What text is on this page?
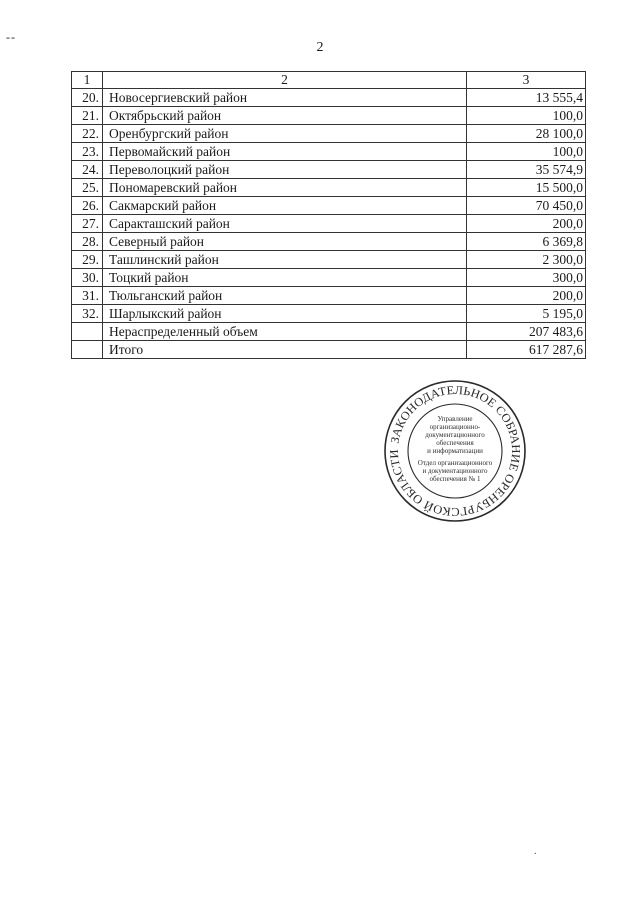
--
2
1	2	3
20.	Новосергиевский район	13 555,4
21.	Октябрьский район	100,0
22.	Оренбургский район	28 100,0
23.	Первомайский район	100,0
24.	Переволоцкий район	35 574,9
25.	Пономаревский район	15 500,0
26.	Сакмарский район	70 450,0
27.	Саракташский район	200,0
28.	Северный район	6 369,8
29.	Ташлинский район	2 300,0
30.	Тоцкий район	300,0
31.	Тюльганский район	200,0
32.	Шарлыкский район	5 195,0
	Нераспределенный объем	207 483,6
	Итого	617 287,6
ЗАКОНОДАТЕЛЬНОЕ СОБРАНИЕ ОРЕНБУРГСКОЙ ОБЛАСТИ
Управление
организационно-
документационного
обеспечения
и информатизации
Отдел организационного
и документационного
обеспечения № 1
.
